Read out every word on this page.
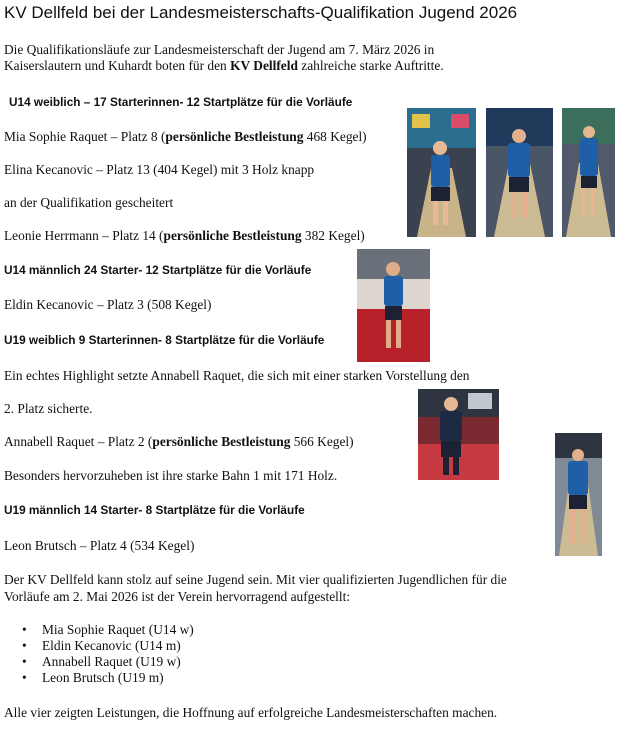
KV Dellfeld bei der Landesmeisterschafts-Qualifikation Jugend 2026
Die Qualifikationsläufe zur Landesmeisterschaft der Jugend am 7. März 2026 in
Kaiserslautern und Kuhardt boten für den KV Dellfeld zahlreiche starke Auftritte.
U14 weiblich – 17 Starterinnen- 12 Startplätze für die Vorläufe
Mia Sophie Raquet – Platz 8 (persönliche Bestleistung 468 Kegel)
Elina Kecanovic – Platz 13 (404 Kegel) mit 3 Holz knapp
an der Qualifikation gescheitert
Leonie Herrmann – Platz 14 (persönliche Bestleistung 382 Kegel)
U14 männlich 24 Starter- 12 Startplätze für die Vorläufe
Eldin Kecanovic – Platz 3 (508 Kegel)
U19 weiblich 9 Starterinnen- 8 Startplätze für die Vorläufe
Ein echtes Highlight setzte Annabell Raquet, die sich mit einer starken Vorstellung den
2. Platz sicherte.
Annabell Raquet – Platz 2 (persönliche Bestleistung 566 Kegel)
Besonders hervorzuheben ist ihre starke Bahn 1 mit 171 Holz.
U19 männlich 14 Starter- 8 Startplätze für die Vorläufe
Leon Brutsch – Platz 4 (534 Kegel)
Der KV Dellfeld kann stolz auf seine Jugend sein. Mit vier qualifizierten Jugendlichen für die
Vorläufe am 2. Mai 2026 ist der Verein hervorragend aufgestellt:
• Mia Sophie Raquet (U14 w)
• Eldin Kecanovic (U14 m)
• Annabell Raquet (U19 w)
• Leon Brutsch (U19 m)
Alle vier zeigten Leistungen, die Hoffnung auf erfolgreiche Landesmeisterschaften machen.
